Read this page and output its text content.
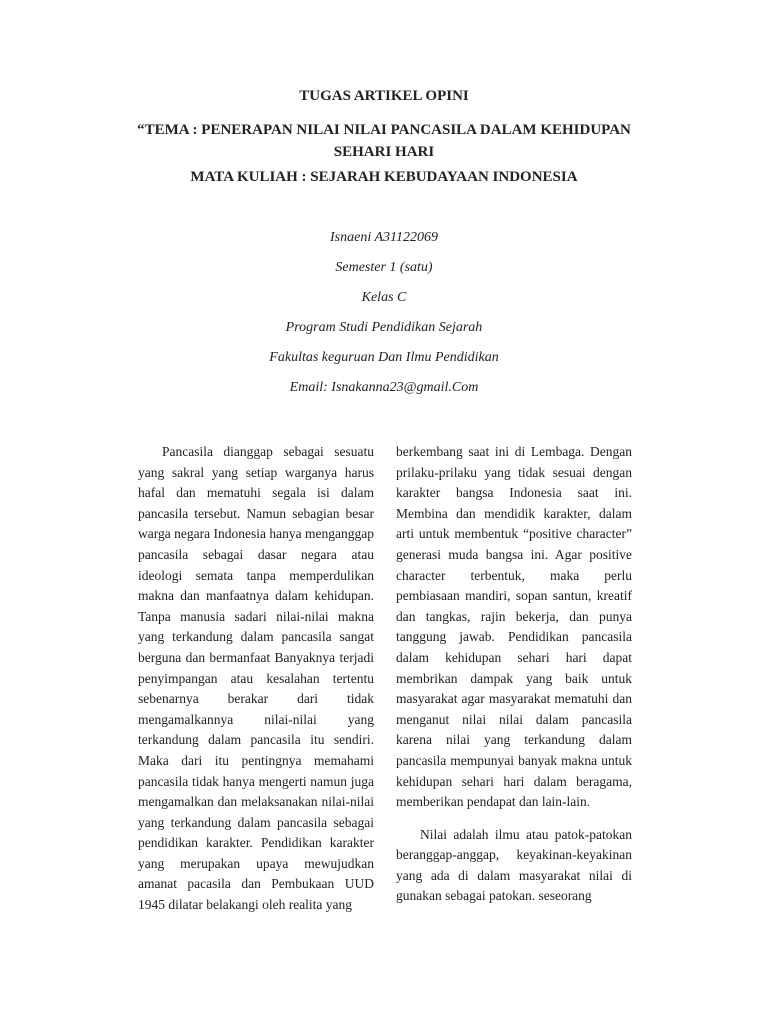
TUGAS ARTIKEL OPINI
“TEMA : PENERAPAN NILAI NILAI PANCASILA DALAM KEHIDUPAN
SEHARI HARI
MATA KULIAH : SEJARAH KEBUDAYAAN INDONESIA
Isnaeni A31122069
Semester 1 (satu)
Kelas C
Program Studi Pendidikan Sejarah
Fakultas keguruan Dan Ilmu Pendidikan
Email: Isnakanna23@gmail.Com

Pancasila dianggap sebagai sesuatu yang sakral yang setiap warganya harus hafal dan mematuhi segala isi dalam pancasila tersebut. Namun sebagian besar warga negara Indonesia hanya menganggap pancasila sebagai dasar negara atau ideologi semata tanpa memperdulikan makna dan manfaatnya dalam kehidupan. Tanpa manusia sadari nilai-nilai makna yang terkandung dalam pancasila sangat berguna dan bermanfaat Banyaknya terjadi penyimpangan atau kesalahan tertentu sebenarnya berakar dari tidak mengamalkannya nilai-nilai yang terkandung dalam pancasila itu sendiri. Maka dari itu pentingnya memahami pancasila tidak hanya mengerti namun juga mengamalkan dan melaksanakan nilai-nilai yang terkandung dalam pancasila sebagai pendidikan karakter. Pendidikan karakter yang merupakan upaya mewujudkan amanat pacasila dan Pembukaan UUD 1945 dilatar belakangi oleh realita yang

berkembang saat ini di Lembaga. Dengan prilaku-prilaku yang tidak sesuai dengan karakter bangsa Indonesia saat ini. Membina dan mendidik karakter, dalam arti untuk membentuk “positive character” generasi muda bangsa ini. Agar positive character terbentuk, maka perlu pembiasaan mandiri, sopan santun, kreatif dan tangkas, rajin bekerja, dan punya tanggung jawab. Pendidikan pancasila dalam kehidupan sehari hari dapat membrikan dampak yang baik untuk masyarakat agar masyarakat mematuhi dan menganut nilai nilai dalam pancasila karena nilai yang terkandung dalam pancasila mempunyai banyak makna untuk kehidupan sehari hari dalam beragama, memberikan pendapat dan lain-lain.

Nilai adalah ilmu atau patok-patokan beranggap-anggap, keyakinan-keyakinan yang ada di dalam masyarakat nilai di gunakan sebagai patokan. seseorang
